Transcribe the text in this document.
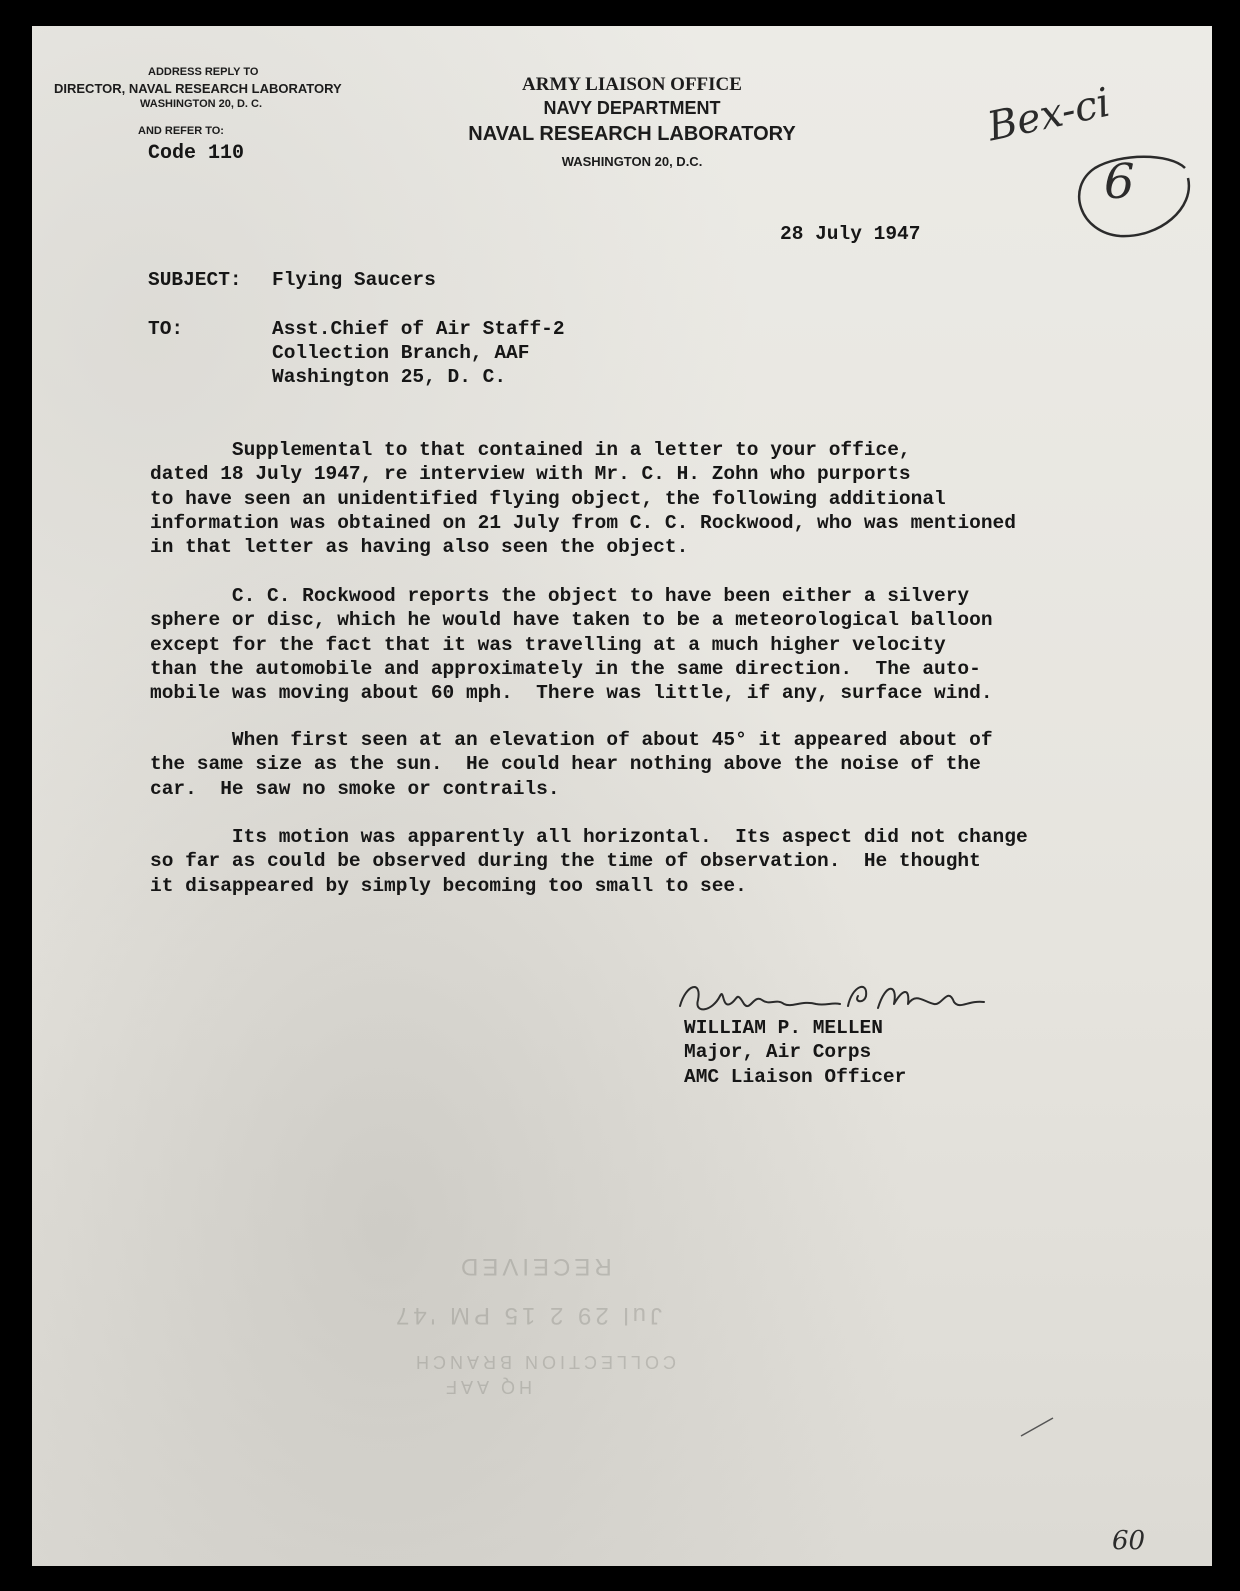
ADDRESS REPLY TO

DIRECTOR, NAVAL RESEARCH LABORATORY

WASHINGTON 20, D. C.

AND REFER TO:

Code 110

ARMY LIAISON OFFICE

NAVY DEPARTMENT

NAVAL RESEARCH LABORATORY

WASHINGTON 20, D.C.

Bex-ci

6

60

28 July 1947

SUBJECT: Flying Saucers

TO:	Asst.Chief of Air Staff-2

Collection Branch, AAF

Washington 25, D. C.

Supplemental to that contained in a letter to your office,
dated 18 July 1947, re interview with Mr. C. H. Zohn who purports
to have seen an unidentified flying object, the following additional
information was obtained on 21 July from C. C. Rockwood, who was mentioned
in that letter as having also seen the object.
C. C. Rockwood reports the object to have been either a silvery
sphere or disc, which he would have taken to be a meteorological balloon
except for the fact that it was travelling at a much higher velocity
than the automobile and approximately in the same direction.  The auto-
mobile was moving about 60 mph.  There was little, if any, surface wind.
When first seen at an elevation of about 45° it appeared about of
the same size as the sun.  He could hear nothing above the noise of the
car.  He saw no smoke or contrails.
Its motion was apparently all horizontal.  Its aspect did not change
so far as could be observed during the time of observation.  He thought
it disappeared by simply becoming too small to see.

WILLIAM P. MELLEN

Major, Air Corps

AMC Liaison Officer

RECEIVED

Jul 29 2 15 PM '47

COLLECTION BRANCH

HQ AAF
